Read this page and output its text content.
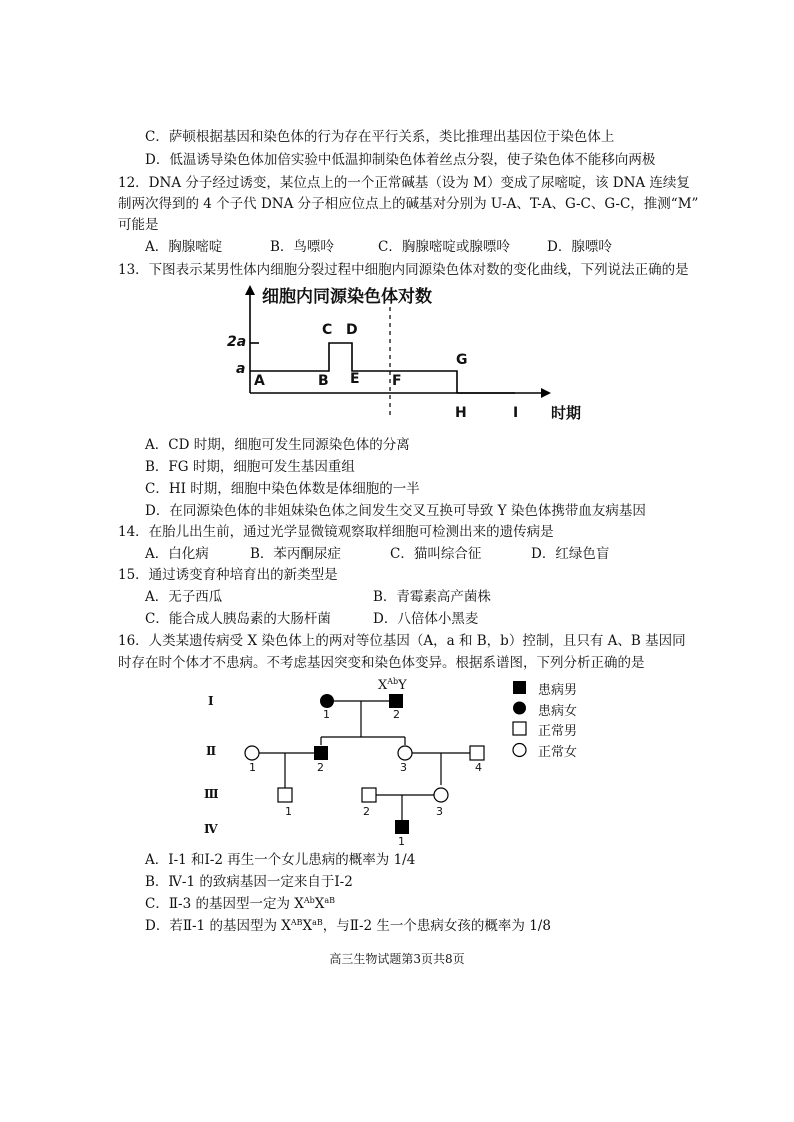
C．萨顿根据基因和染色体的行为存在平行关系，类比推理出基因位于染色体上
D．低温诱导染色体加倍实验中低温抑制染色体着丝点分裂，使子染色体不能移向两极
12．DNA 分子经过诱变，某位点上的一个正常碱基（设为 M）变成了尿嘧啶，该 DNA 连续复
制两次得到的 4 个子代 DNA 分子相应位点上的碱基对分别为 U-A、T-A、G-C、G-C，推测“M”
可能是
A．胸腺嘧啶	B．鸟嘌呤	C．胸腺嘧啶或腺嘌呤	D．腺嘌呤
13．下图表示某男性体内细胞分裂过程中细胞内同源染色体对数的变化曲线，下列说法正确的是
细胞内同源染色体对数
2a
a
A	B
C D
E F
G
H	I 时期
A．CD 时期，细胞可发生同源染色体的分离
B．FG 时期，细胞可发生基因重组
C．HI 时期，细胞中染色体数是体细胞的一半
D．在同源染色体的非姐妹染色体之间发生交叉互换可导致 Y 染色体携带血友病基因
14．在胎儿出生前，通过光学显微镜观察取样细胞可检测出来的遗传病是
A．白化病	B．苯丙酮尿症	C．猫叫综合征	D．红绿色盲
15．通过诱变育种培育出的新类型是
A．无子西瓜	B．青霉素高产菌株
C．能合成人胰岛素的大肠杆菌	D．八倍体小黑麦
16．人类某遗传病受 X 染色体上的两对等位基因（A，a 和 B，b）控制，且只有 A、B 基因同
时存在时个体才不患病。不考虑基因突变和染色体变异。根据系谱图，下列分析正确的是
Ⅰ
Ⅱ
Ⅲ
Ⅳ
$X^{Ab}Y$
1	2
1	2	3	4
1	2	3
1
患病男
患病女
正常男
正常女
A．Ⅰ-1 和Ⅰ-2 再生一个女儿患病的概率为 1/4
B．Ⅳ-1 的致病基因一定来自于Ⅰ-2
C．Ⅱ-3 的基因型一定为 $X^{Ab}X^{aB}$
D．若Ⅱ-1 的基因型为 $X^{AB}X^{aB}$，与Ⅱ-2 生一个患病女孩的概率为 1/8
高三生物试题第3页共8页
